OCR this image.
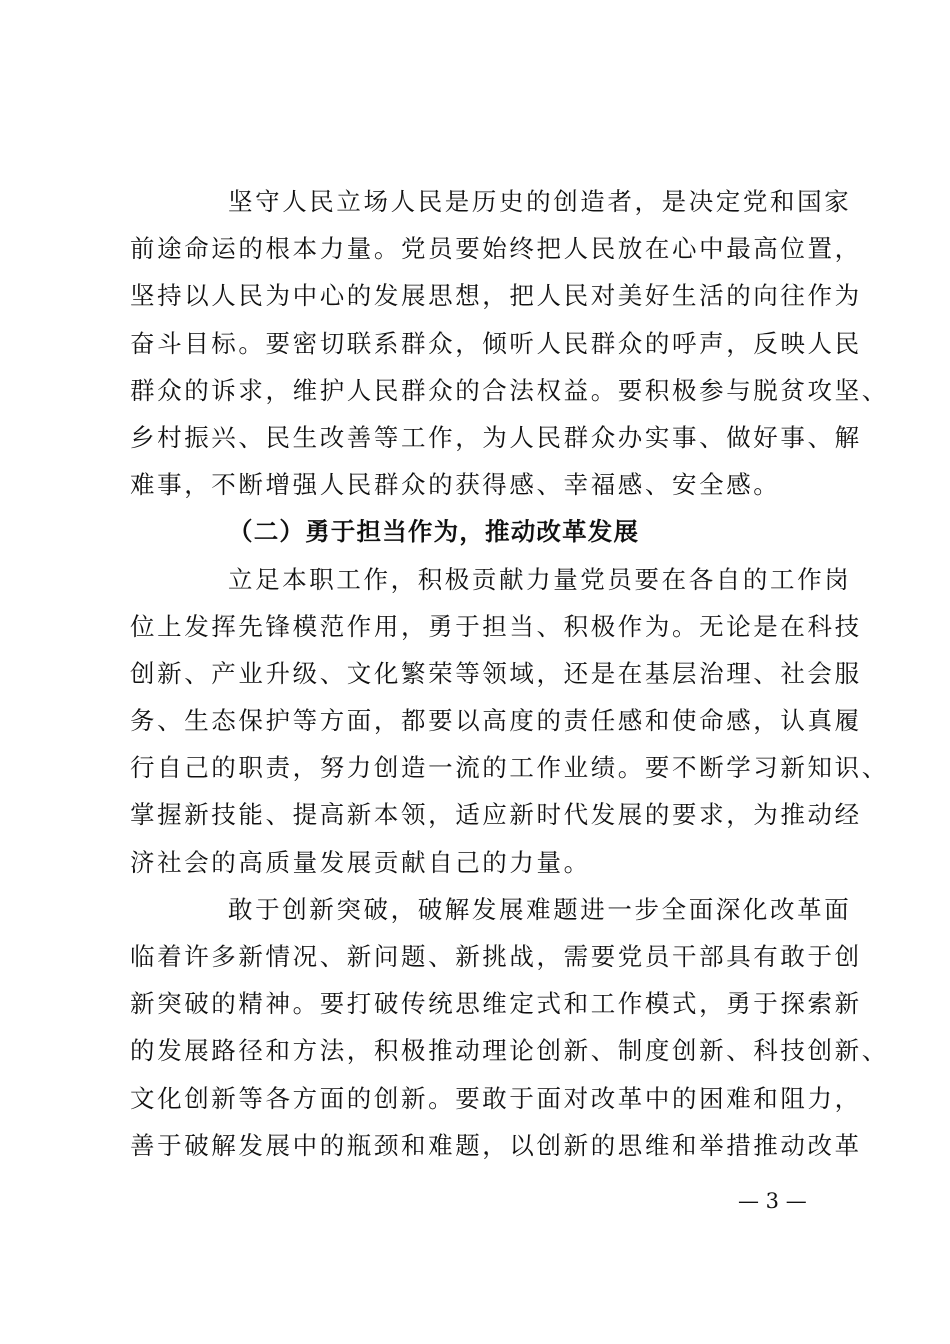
坚守人民立场人民是历史的创造者，是决定党和国家
前途命运的根本力量。党员要始终把人民放在心中最高位置，
坚持以人民为中心的发展思想，把人民对美好生活的向往作为
奋斗目标。要密切联系群众，倾听人民群众的呼声，反映人民
群众的诉求，维护人民群众的合法权益。要积极参与脱贫攻坚、
乡村振兴、民生改善等工作，为人民群众办实事、做好事、解
难事，不断增强人民群众的获得感、幸福感、安全感。
（二）勇于担当作为，推动改革发展
立足本职工作，积极贡献力量党员要在各自的工作岗
位上发挥先锋模范作用，勇于担当、积极作为。无论是在科技
创新、产业升级、文化繁荣等领域，还是在基层治理、社会服
务、生态保护等方面，都要以高度的责任感和使命感，认真履
行自己的职责，努力创造一流的工作业绩。要不断学习新知识、
掌握新技能、提高新本领，适应新时代发展的要求，为推动经
济社会的高质量发展贡献自己的力量。
敢于创新突破，破解发展难题进一步全面深化改革面
临着许多新情况、新问题、新挑战，需要党员干部具有敢于创
新突破的精神。要打破传统思维定式和工作模式，勇于探索新
的发展路径和方法，积极推动理论创新、制度创新、科技创新、
文化创新等各方面的创新。要敢于面对改革中的困难和阻力，
善于破解发展中的瓶颈和难题，以创新的思维和举措推动改革
— 3 —
